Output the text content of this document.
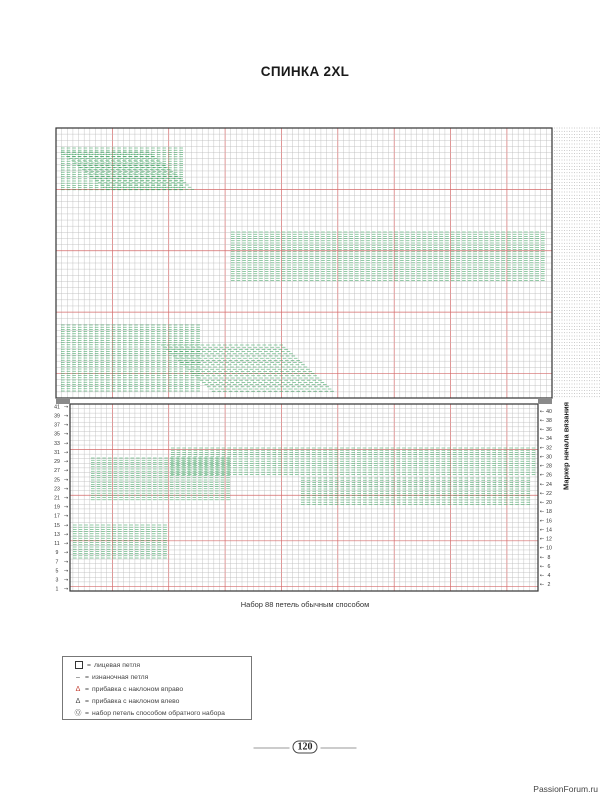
СПИНКА 2XL
1 →
3 →
5 →
7 →
9 →
11 →
13 →
15 →
17 →
19 →
21 →
23 →
25 →
27 →
29 →
31 →
33 →
35 →
37 →
39 →
41 →
← 2
← 4
← 6
← 8
← 10
← 12
← 14
← 16
← 18
← 20
← 22
← 24
← 26
← 28
← 30
← 32
← 34
← 36
← 38
← 40
Набор 88 петель обычным способом
Маркер начала вязания
= лицевая петля
– = изнаночная петля
Δ = прибавка с наклоном вправо
Δ = прибавка с наклоном влево
Ⓠ = набор петель способом обратного набора
120
PassionForum.ru
